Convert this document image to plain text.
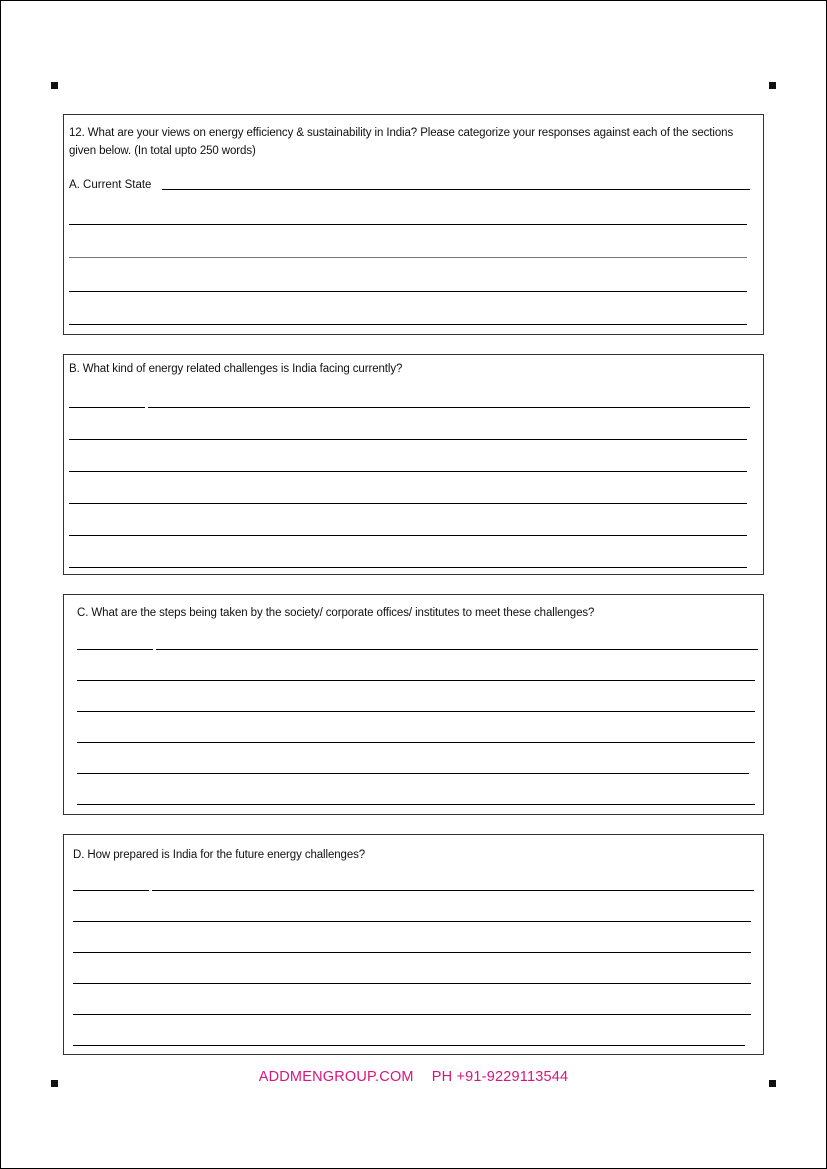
12. What are your views on energy efficiency & sustainability in India? Please categorize your responses against each of the sections given below. (In total upto 250 words)

A. Current State

B. What kind of energy related challenges is India facing currently?

C. What are the steps being taken by the society/ corporate offices/ institutes to meet these challenges?

D. How prepared is India for the future energy challenges?

ADDMENGROUP.COM PH +91-9229113544
